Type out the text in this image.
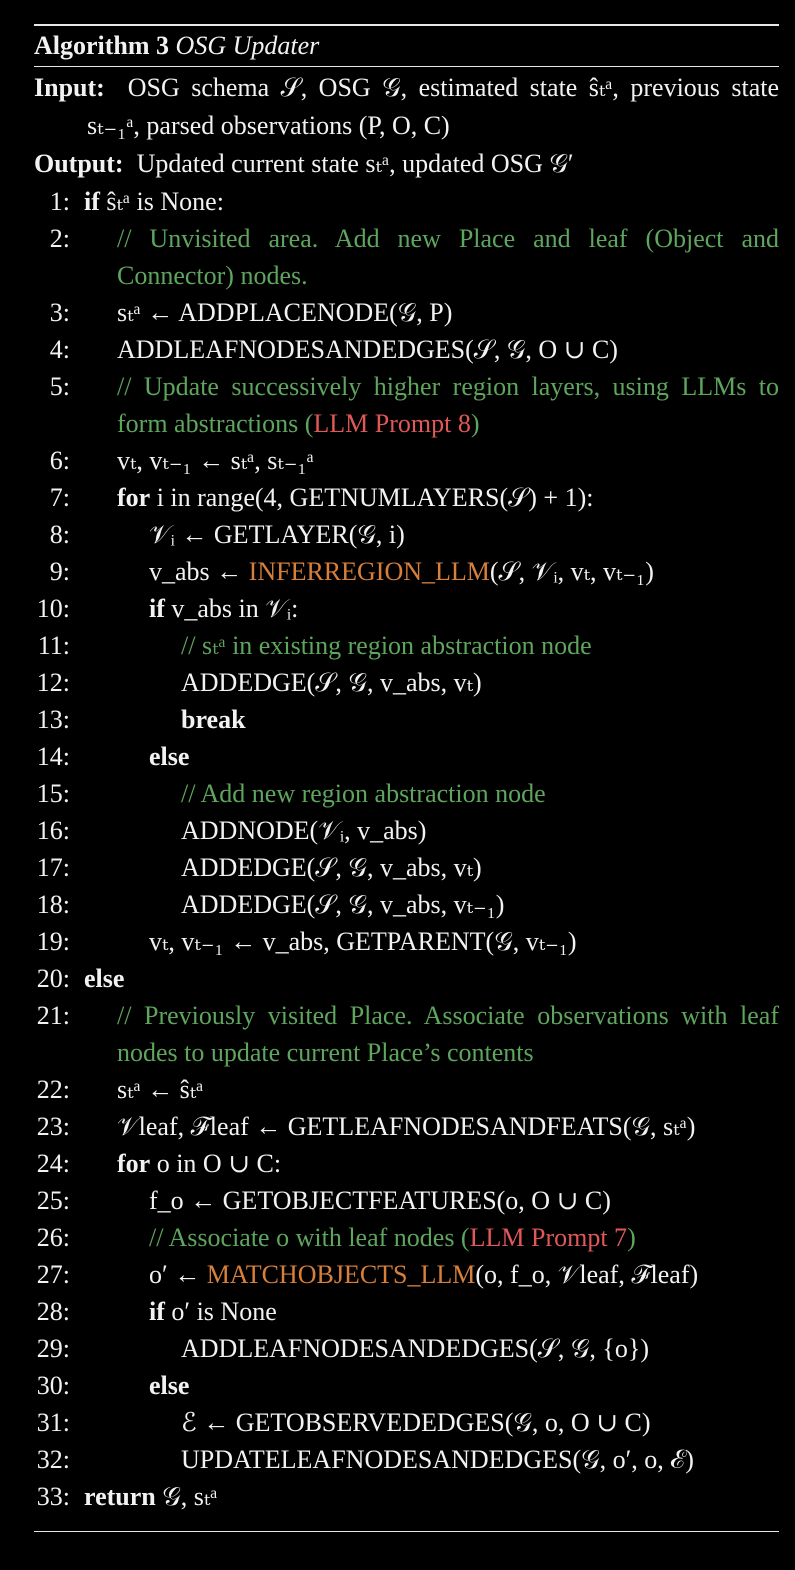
Algorithm 3 OSG Updater
Input: OSG schema 𝒮, OSG 𝒢, estimated state ŝₜᵃ, previous state sₜ₋₁ᵃ, parsed observations (P, O, C)
Output: Updated current state sₜᵃ, updated OSG 𝒢′
1: if ŝₜᵃ is None:
2:	// Unvisited area. Add new Place and leaf (Object and Connector) nodes.
3:	sₜᵃ ← ADDPLACENODE(𝒢, P)
4:	ADDLEAFNODESANDEDGES(𝒮, 𝒢, O ∪ C)
5:	// Update successively higher region layers, using LLMs to form abstractions (LLM Prompt 8)
6:	vₜ, vₜ₋₁ ← sₜᵃ, sₜ₋₁ᵃ
7:	for i in range(4, GETNUMLAYERS(𝒮) + 1):
8:	𝒱ᵢ ← GETLAYER(𝒢, i)
9:	v_abs ← INFERREGION_LLM(𝒮, 𝒱ᵢ, vₜ, vₜ₋₁)
10:	if v_abs in 𝒱ᵢ:
11:	// sₜᵃ in existing region abstraction node
12:	ADDEDGE(𝒮, 𝒢, v_abs, vₜ)
13:	break
14:	else
15:	// Add new region abstraction node
16:	ADDNODE(𝒱ᵢ, v_abs)
17:	ADDEDGE(𝒮, 𝒢, v_abs, vₜ)
18:	ADDEDGE(𝒮, 𝒢, v_abs, vₜ₋₁)
19:	vₜ, vₜ₋₁ ← v_abs, GETPARENT(𝒢, vₜ₋₁)
20: else
21:	// Previously visited Place. Associate observations with leaf nodes to update current Place’s contents
22:	sₜᵃ ← ŝₜᵃ
23:	𝒱leaf, ℱleaf ← GETLEAFNODESANDFEATS(𝒢, sₜᵃ)
24:	for o in O ∪ C:
25:	f_o ← GETOBJECTFEATURES(o, O ∪ C)
26:	// Associate o with leaf nodes (LLM Prompt 7)
27:	o′ ← MATCHOBJECTS_LLM(o, f_o, 𝒱leaf, ℱleaf)
28:	if o′ is None
29:	ADDLEAFNODESANDEDGES(𝒮, 𝒢, {o})
30:	else
31:	ℰ ← GETOBSERVEDEDGES(𝒢, o, O ∪ C)
32:	UPDATELEAFNODESANDEDGES(𝒢, o′, o, ℰ)
33: return 𝒢, sₜᵃ
